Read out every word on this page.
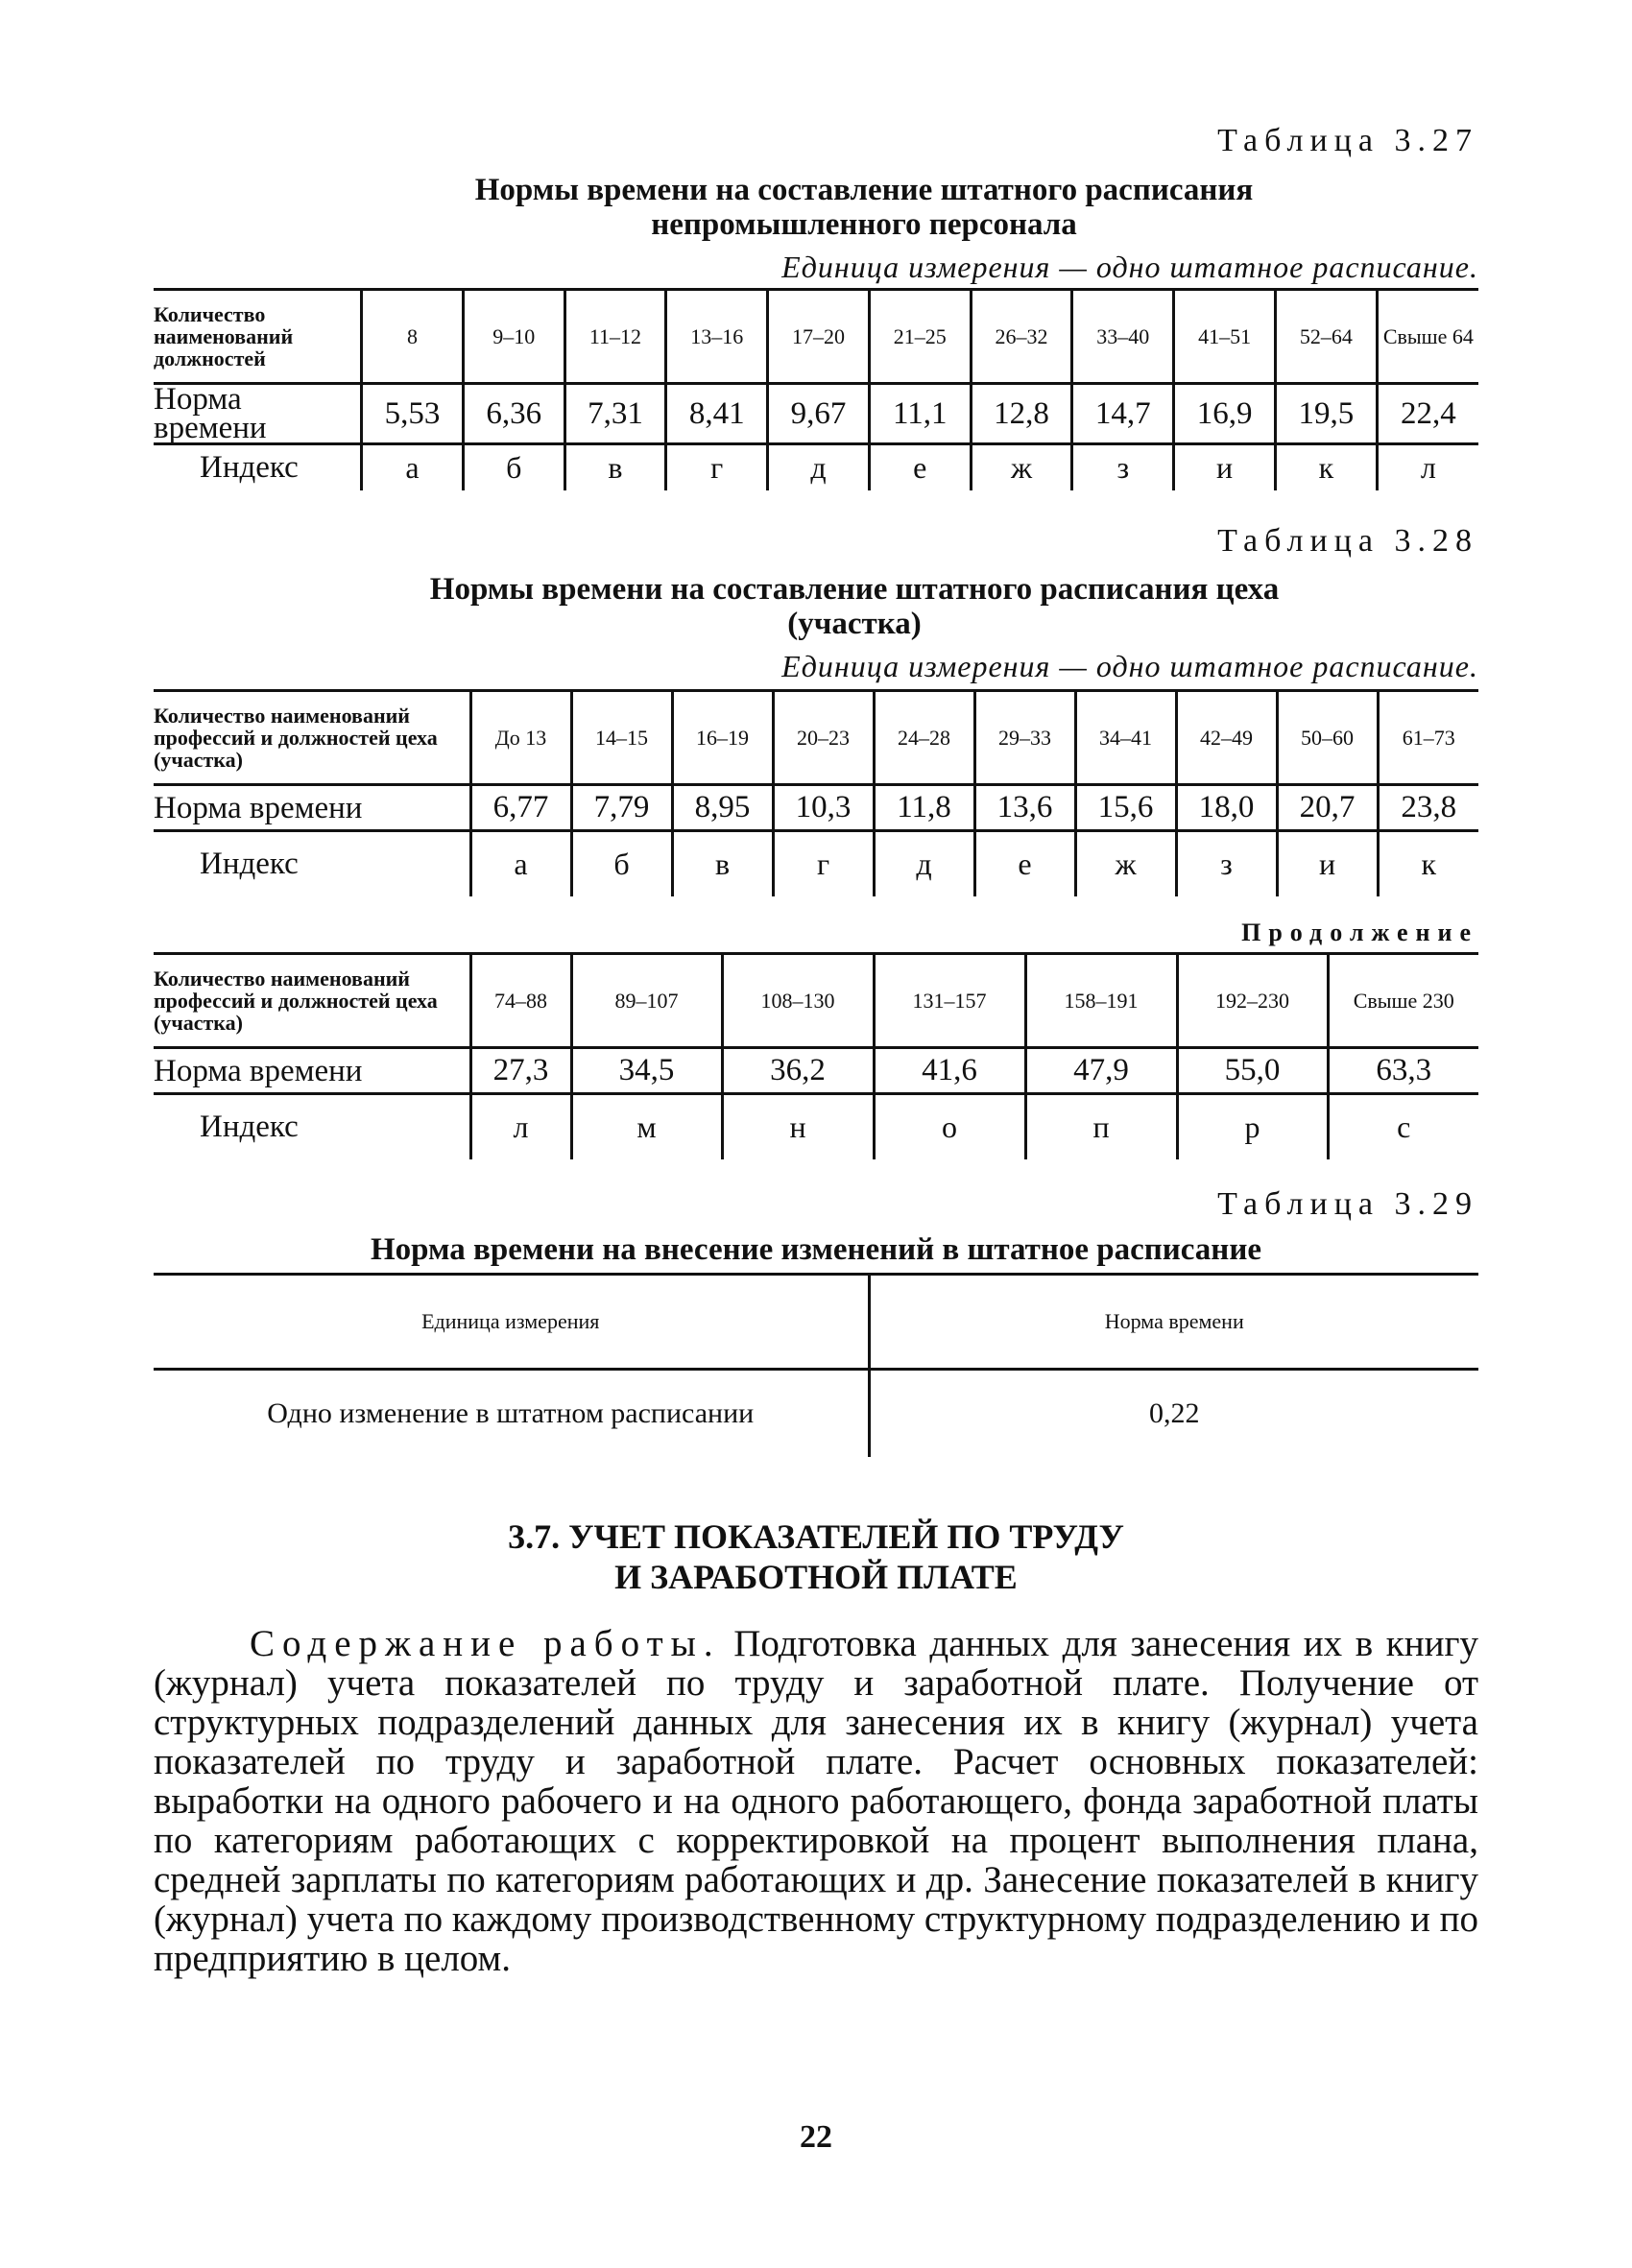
Таблица 3.27
Нормы времени на составление штатного расписания непромышленного персонала
Единица измерения — одно штатное расписание.
Количество наименований должностей	8	9–10	11–12	13–16	17–20	21–25	26–32	33–40	41–51	52–64	Свыше 64
Норма времени	5,53	6,36	7,31	8,41	9,67	11,1	12,8	14,7	16,9	19,5	22,4
Индекс	а	б	в	г	д	е	ж	з	и	к	л
Таблица 3.28
Нормы времени на составление штатного расписания цеха (участка)
Единица измерения — одно штатное расписание.
Количество наименований профессий и должностей цеха (участка)	До 13	14–15	16–19	20–23	24–28	29–33	34–41	42–49	50–60	61–73
Норма времени	6,77	7,79	8,95	10,3	11,8	13,6	15,6	18,0	20,7	23,8
Индекс	а	б	в	г	д	е	ж	з	и	к
Продолжение
Количество наименований профессий и должностей цеха (участка)	74–88	89–107	108–130	131–157	158–191	192–230	Свыше 230
Норма времени	27,3	34,5	36,2	41,6	47,9	55,0	63,3
Индекс	л	м	н	о	п	р	с
Таблица 3.29
Норма времени на внесение изменений в штатное расписание
Единица измерения	Норма времени
Одно изменение в штатном расписании	0,22
3.7. УЧЕТ ПОКАЗАТЕЛЕЙ ПО ТРУДУ
И ЗАРАБОТНОЙ ПЛАТЕ
Содержание работы. Подготовка данных для занесения их в книгу (журнал) учета показателей по труду и заработной плате. Получение от структурных подразделений данных для занесения их в книгу (журнал) учета показателей по труду и заработной плате. Расчет основных показателей: выработки на одного рабочего и на одного работающего, фонда заработной платы по категориям работающих с корректировкой на процент выполнения плана, средней зарплаты по категориям работающих и др. Занесение показателей в книгу (журнал) учета по каждому производственному структурному подразделению и по предприятию в целом.
22
